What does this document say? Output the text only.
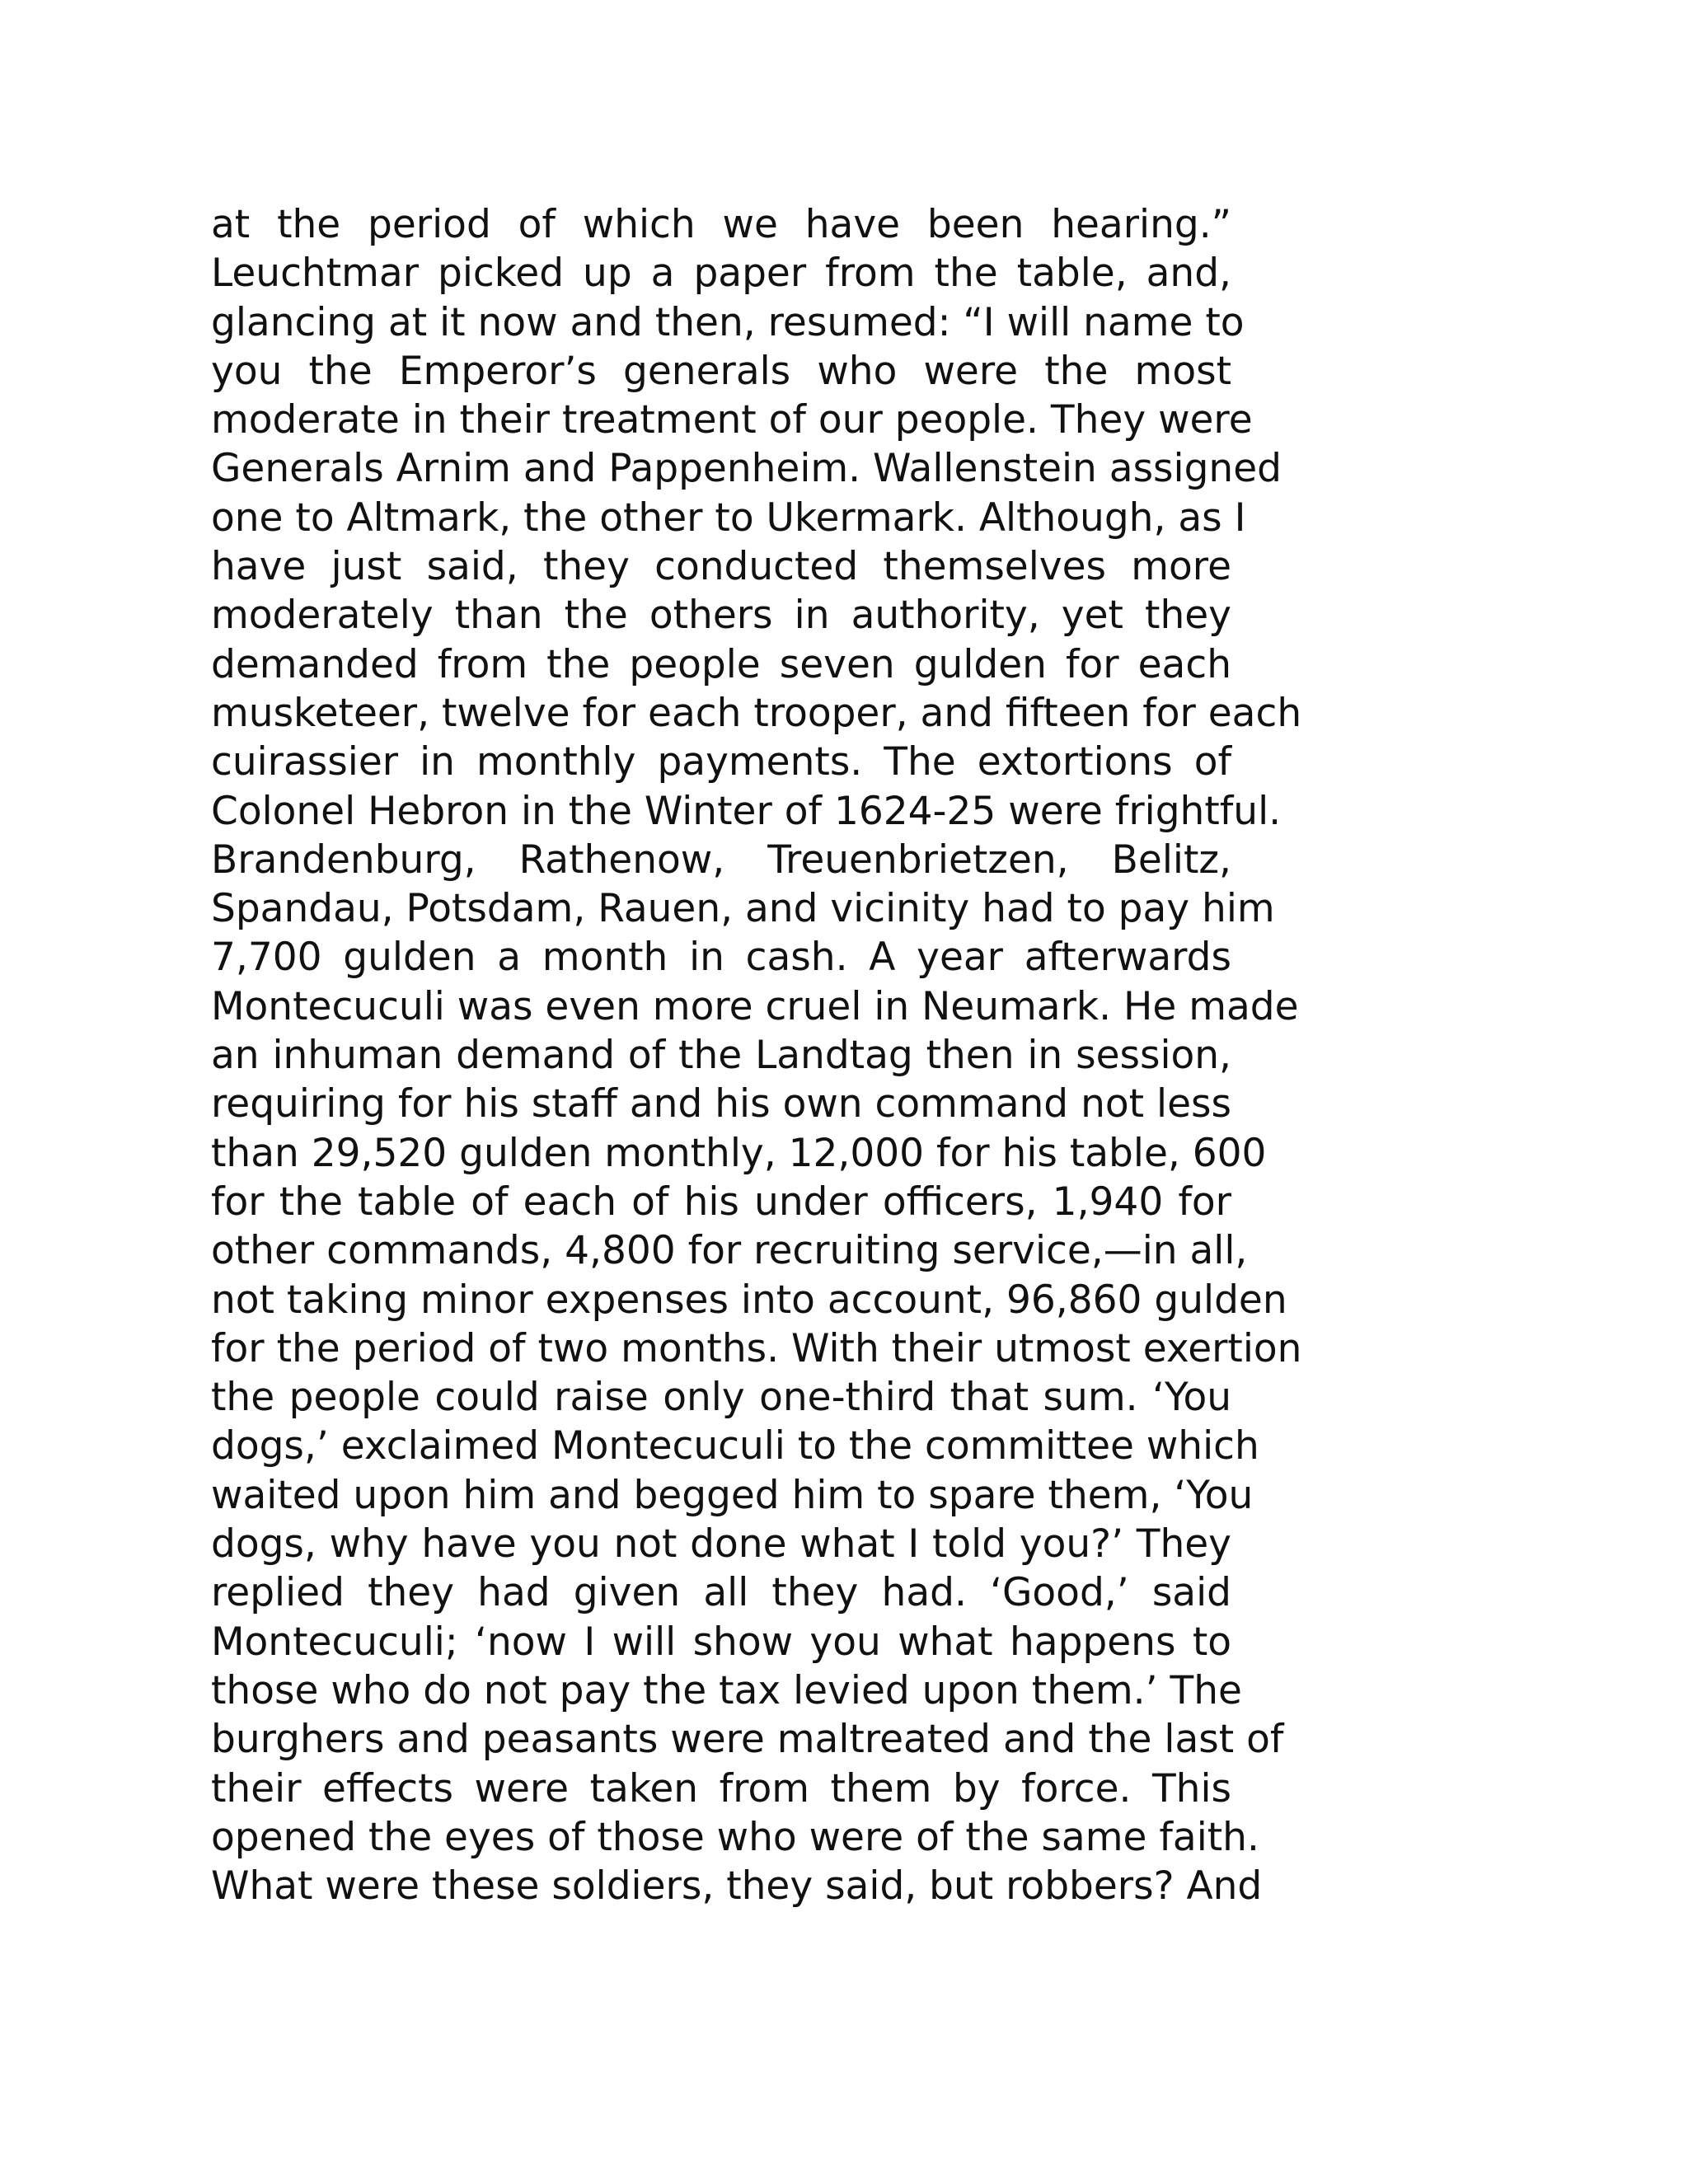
at the period of which we have been hearing.”
Leuchtmar picked up a paper from the table, and,
glancing at it now and then, resumed: “I will name to
you the Emperor’s generals who were the most
moderate in their treatment of our people. They were
Generals Arnim and Pappenheim. Wallenstein assigned
one to Altmark, the other to Ukermark. Although, as I
have just said, they conducted themselves more
moderately than the others in authority, yet they
demanded from the people seven gulden for each
musketeer, twelve for each trooper, and fifteen for each
cuirassier in monthly payments. The extortions of
Colonel Hebron in the Winter of 1624-25 were frightful.
Brandenburg, Rathenow, Treuenbrietzen, Belitz,
Spandau, Potsdam, Rauen, and vicinity had to pay him
7,700 gulden a month in cash. A year afterwards
Montecuculi was even more cruel in Neumark. He made
an inhuman demand of the Landtag then in session,
requiring for his staff and his own command not less
than 29,520 gulden monthly, 12,000 for his table, 600
for the table of each of his under officers, 1,940 for
other commands, 4,800 for recruiting service,—in all,
not taking minor expenses into account, 96,860 gulden
for the period of two months. With their utmost exertion
the people could raise only one-third that sum. ‘You
dogs,’ exclaimed Montecuculi to the committee which
waited upon him and begged him to spare them, ‘You
dogs, why have you not done what I told you?’ They
replied they had given all they had. ‘Good,’ said
Montecuculi; ‘now I will show you what happens to
those who do not pay the tax levied upon them.’ The
burghers and peasants were maltreated and the last of
their effects were taken from them by force. This
opened the eyes of those who were of the same faith.
What were these soldiers, they said, but robbers? And
